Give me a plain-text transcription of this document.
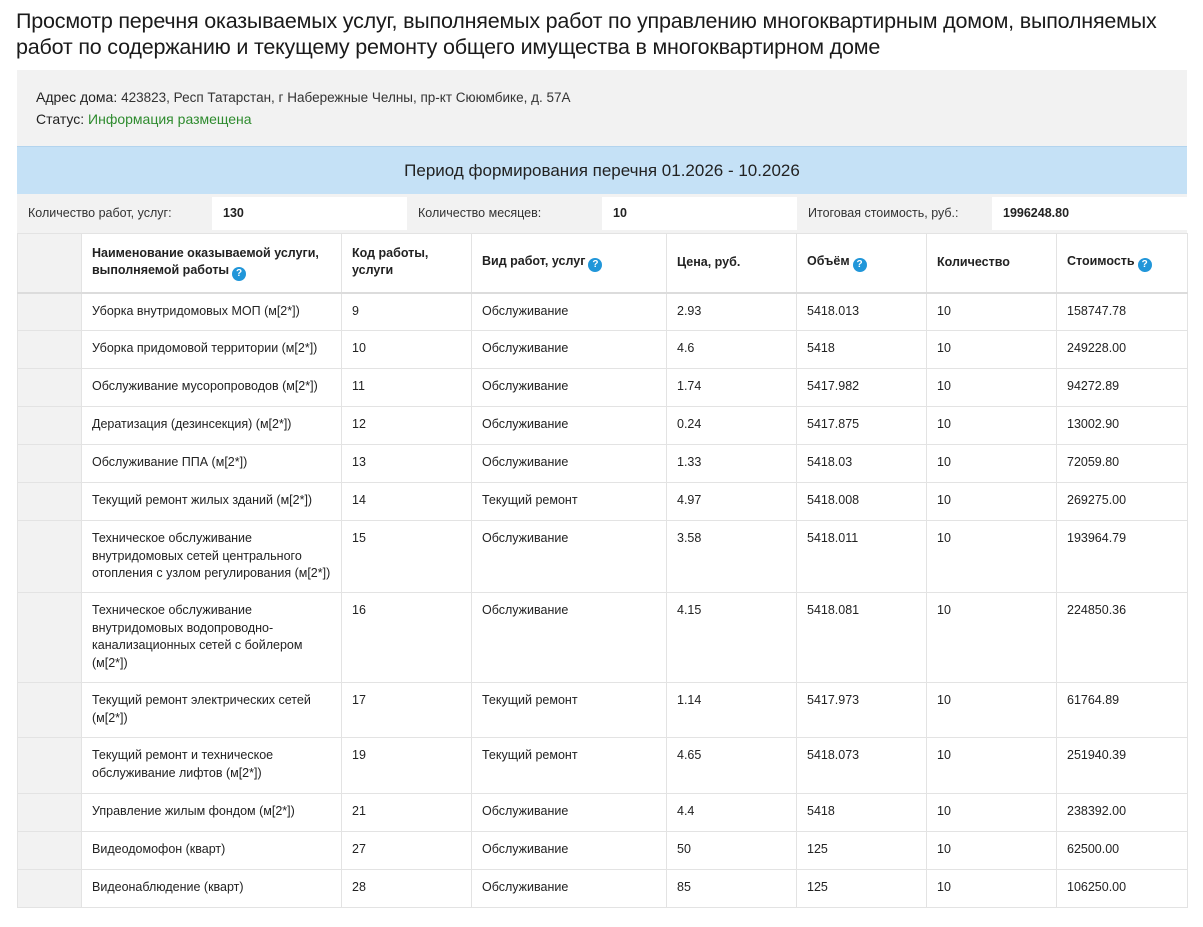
Просмотр перечня оказываемых услуг, выполняемых работ по управлению многоквартирным домом, выполняемых работ по содержанию и текущему ремонту общего имущества в многоквартирном доме
Адрес дома: 423823, Респ Татарстан, г Набережные Челны, пр-кт Сююмбике, д. 57А
Статус: Информация размещена
Период формирования перечня 01.2026 - 10.2026
Количество работ, услуг:	130	Количество месяцев:	10	Итоговая стоимость, руб.:	1996248.80
	Наименование оказываемой услуги, выполняемой работы ?	Код работы, услуги	Вид работ, услуг ?	Цена, руб.	Объём ?	Количество	Стоимость ?
	Уборка внутридомовых МОП (м[2*])	9	Обслуживание	2.93	5418.013	10	158747.78
	Уборка придомовой территории (м[2*])	10	Обслуживание	4.6	5418	10	249228.00
	Обслуживание мусоропроводов (м[2*])	11	Обслуживание	1.74	5417.982	10	94272.89
	Дератизация (дезинсекция) (м[2*])	12	Обслуживание	0.24	5417.875	10	13002.90
	Обслуживание ППА (м[2*])	13	Обслуживание	1.33	5418.03	10	72059.80
	Текущий ремонт жилых зданий (м[2*])	14	Текущий ремонт	4.97	5418.008	10	269275.00
	Техническое обслуживание внутридомовых сетей центрального отопления с узлом регулирования (м[2*])	15	Обслуживание	3.58	5418.011	10	193964.79
	Техническое обслуживание внутридомовых водопроводно-канализационных сетей с бойлером (м[2*])	16	Обслуживание	4.15	5418.081	10	224850.36
	Текущий ремонт электрических сетей (м[2*])	17	Текущий ремонт	1.14	5417.973	10	61764.89
	Текущий ремонт и техническое обслуживание лифтов (м[2*])	19	Текущий ремонт	4.65	5418.073	10	251940.39
	Управление жилым фондом (м[2*])	21	Обслуживание	4.4	5418	10	238392.00
	Видеодомофон (кварт)	27	Обслуживание	50	125	10	62500.00
	Видеонаблюдение (кварт)	28	Обслуживание	85	125	10	106250.00
